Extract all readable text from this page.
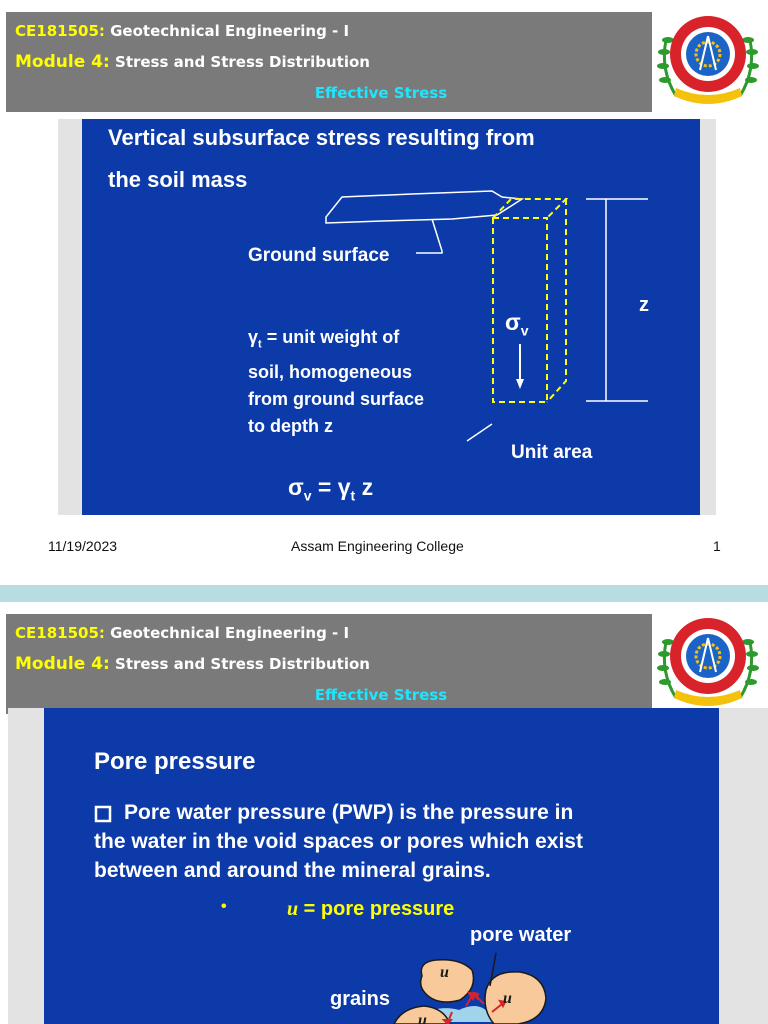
CE181505: Geotechnical Engineering - I
Module 4: Stress and Stress Distribution
Effective Stress
Vertical subsurface stress resulting from
the soil mass
Ground surface
$\gamma_t$ = unit weight of
soil, homogeneous
from ground surface
to depth z
$\sigma_v$
z
Unit area
$\sigma_v = \gamma_t$ z
11/19/2023	Assam Engineering College	1
CE181505: Geotechnical Engineering - I
Module 4: Stress and Stress Distribution
Effective Stress
Pore pressure
Pore water pressure (PWP) is the pressure in
the water in the void spaces or pores which exist
between and around the mineral grains.
•	u = pore pressure
pore water
grains
u
u
u
